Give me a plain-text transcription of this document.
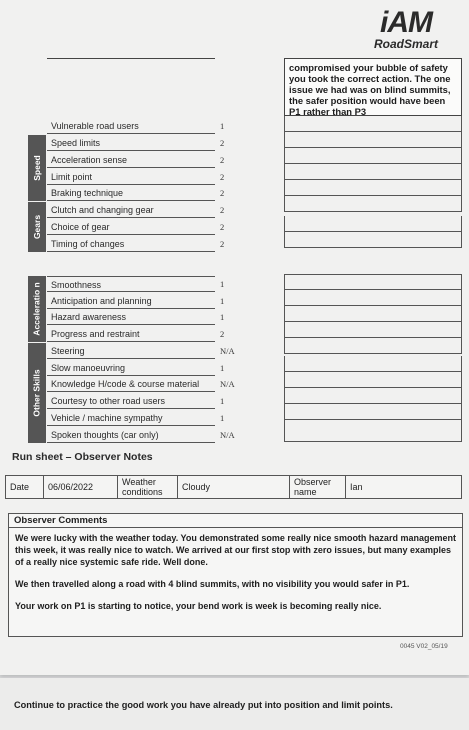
iAM
RoadSmart
compromised your bubble of safety you took the correct action. The one issue we had was on blind summits, the safer position would have been P1 rather than P3
Speed
Gears
Acceleratio n
Other Skills
Vulnerable road users	1
Speed limits	2
Acceleration sense	2
Limit point	2
Braking technique	2
Clutch and changing gear	2
Choice of gear	2
Timing of changes	2
Smoothness	1
Anticipation and planning	1
Hazard awareness	1
Progress and restraint	2
Steering	N/A
Slow manoeuvring	1
Knowledge H/code & course material	N/A
Courtesy to other road users	1
Vehicle / machine sympathy	1
Spoken thoughts (car only)	N/A
Run sheet – Observer Notes
Date	06/06/2022	Weather conditions	Cloudy	Observer name	Ian
Observer Comments

We were lucky with the weather today. You demonstrated some really nice smooth hazard management this week, it was really nice to watch. We arrived at our first stop with zero issues, but many examples of a really nice systemic safe ride. Well done.

We then travelled along a road with 4 blind summits, with no visibility you would safer in P1.

Your work on P1 is starting to notice, your bend work is week is becoming really nice.

0045 V02_05/19
Continue to practice the good work you have already put into position and limit points.
